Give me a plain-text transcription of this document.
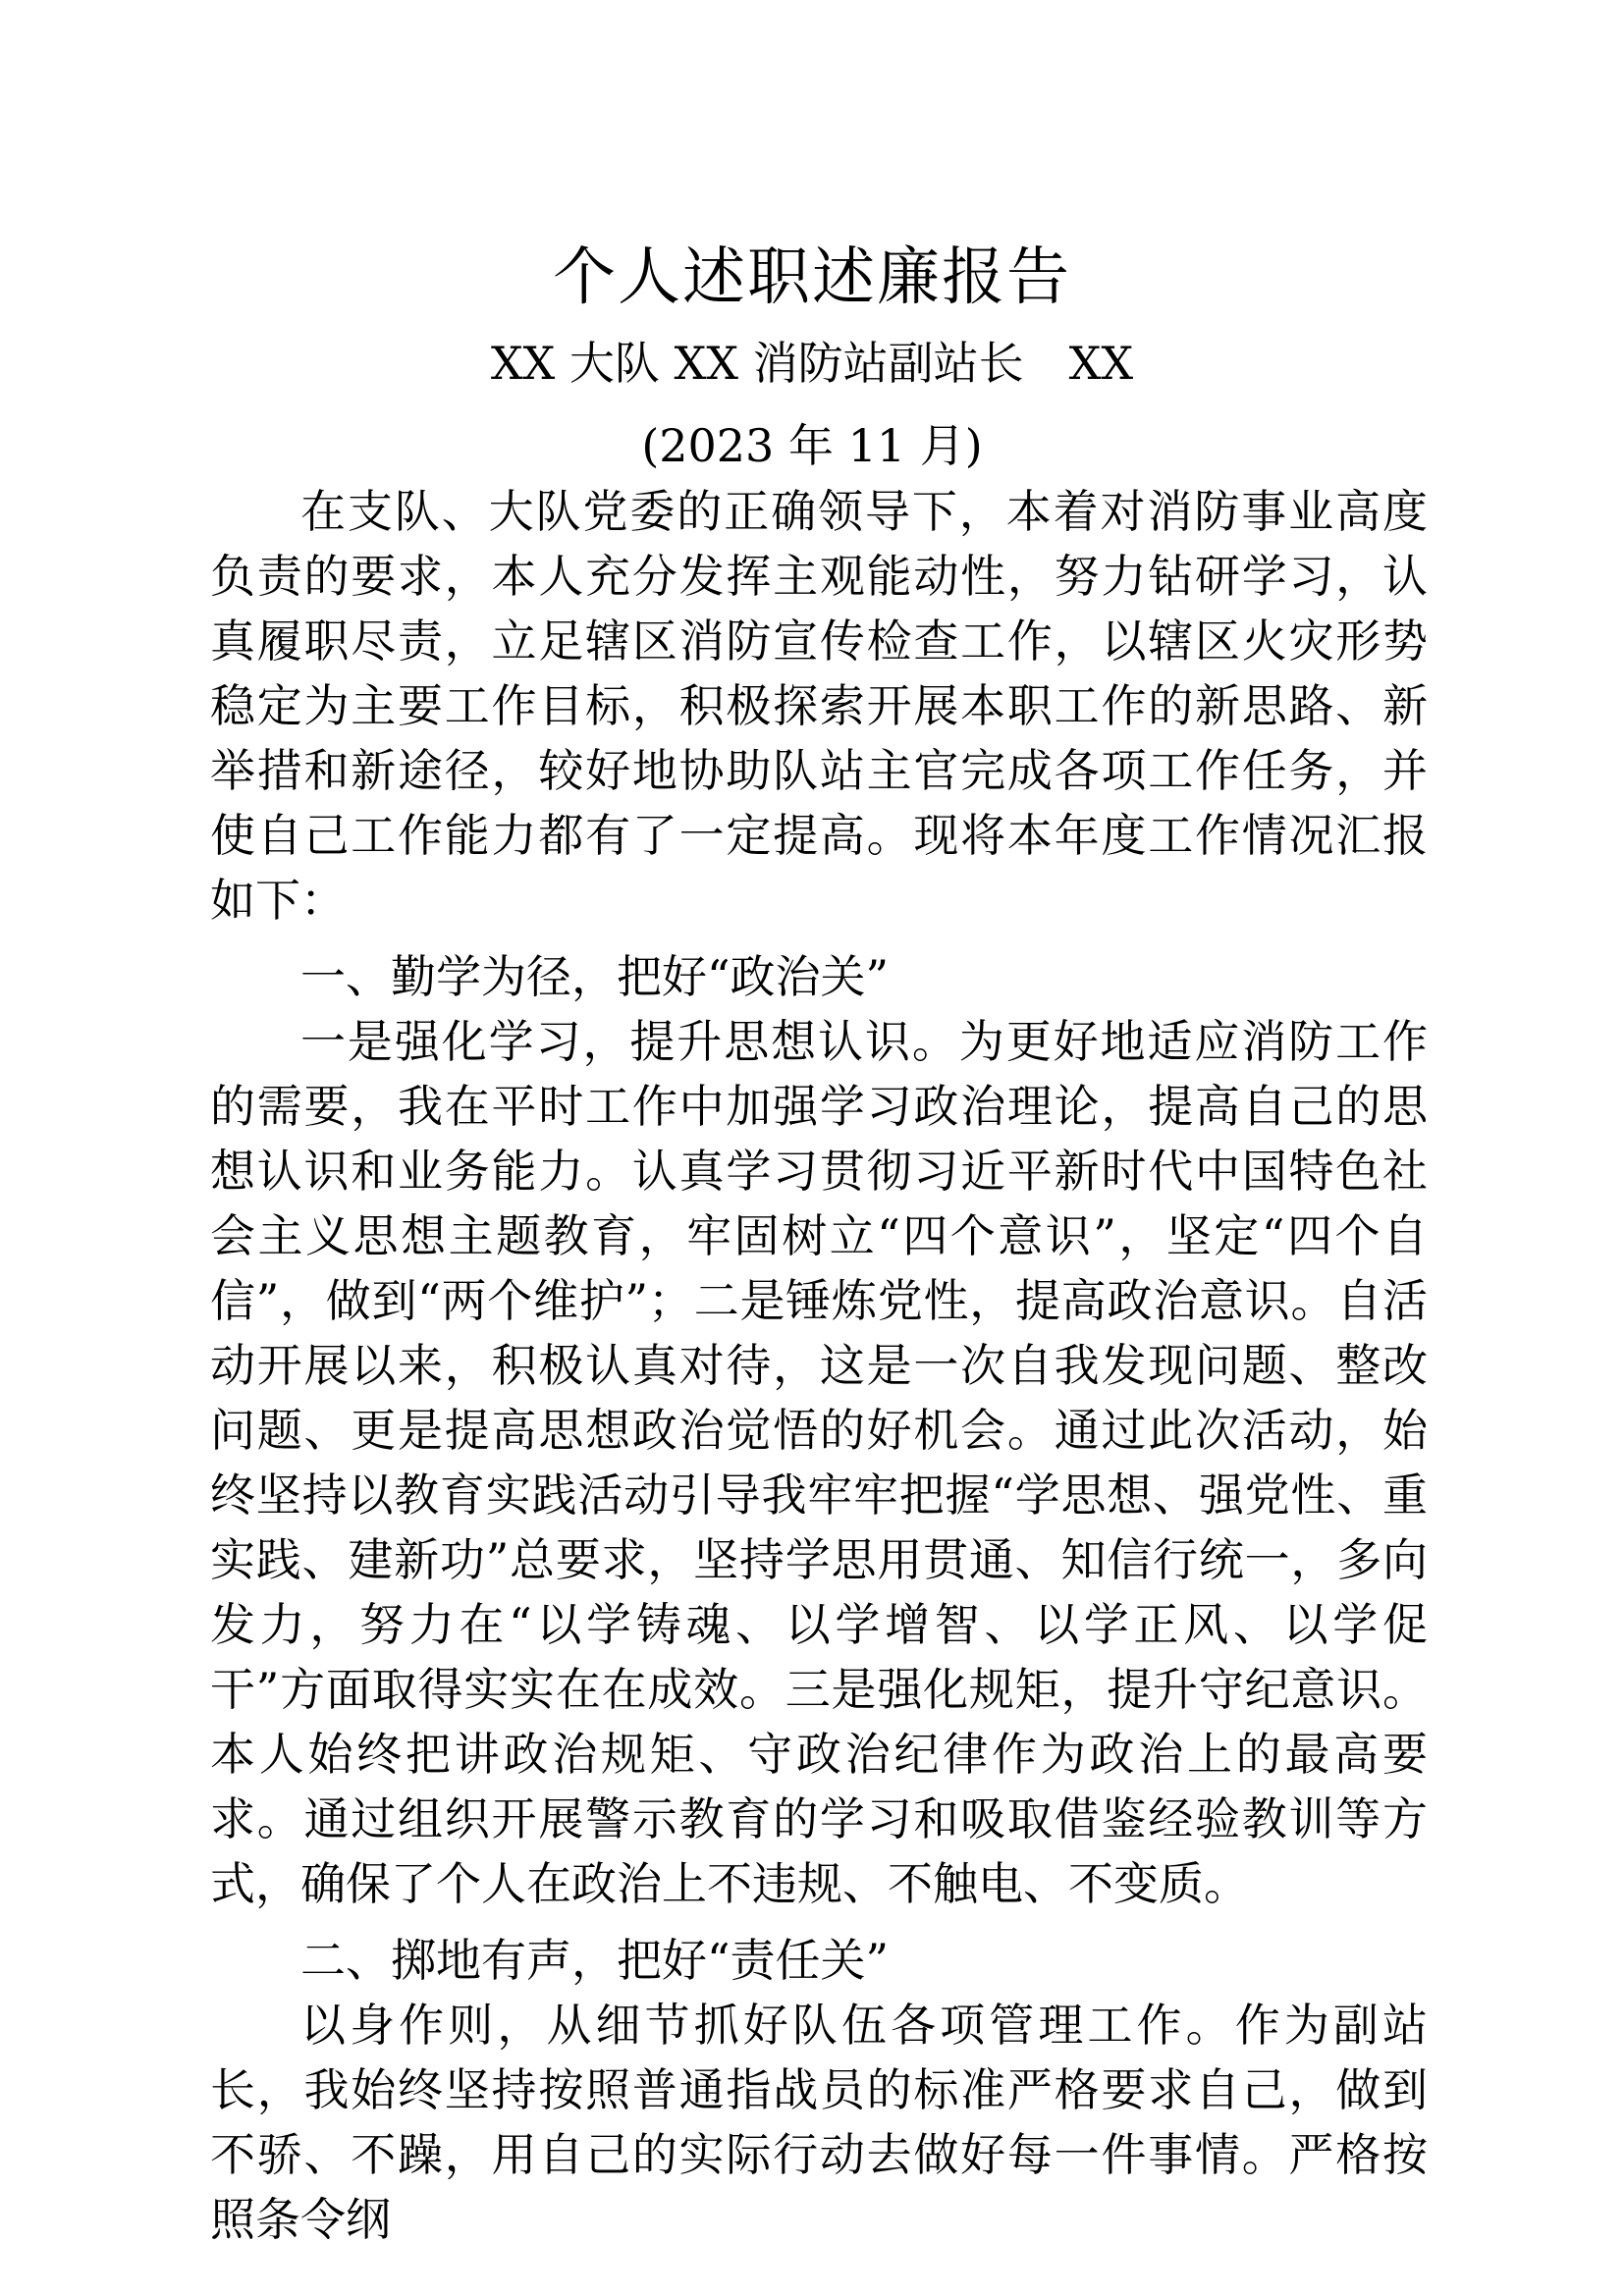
个人述职述廉报告
XX 大队 XX 消防站副站长　XX
(2023 年 11 月)

在支队、大队党委的正确领导下，本着对消防事业高度负责的要求，本人充分发挥主观能动性，努力钻研学习，认真履职尽责，立足辖区消防宣传检查工作，以辖区火灾形势稳定为主要工作目标，积极探索开展本职工作的新思路、新举措和新途径，较好地协助队站主官完成各项工作任务，并使自己工作能力都有了一定提高。现将本年度工作情况汇报如下：

一、勤学为径，把好“政治关”

一是强化学习，提升思想认识。为更好地适应消防工作的需要，我在平时工作中加强学习政治理论，提高自己的思想认识和业务能力。认真学习贯彻习近平新时代中国特色社会主义思想主题教育，牢固树立“四个意识”，坚定“四个自信”，做到“两个维护”；二是锤炼党性，提高政治意识。自活动开展以来，积极认真对待，这是一次自我发现问题、整改问题、更是提高思想政治觉悟的好机会。通过此次活动，始终坚持以教育实践活动引导我牢牢把握“学思想、强党性、重实践、建新功”总要求，坚持学思用贯通、知信行统一，多向发力，努力在“以学铸魂、以学增智、以学正风、以学促干”方面取得实实在在成效。三是强化规矩，提升守纪意识。本人始终把讲政治规矩、守政治纪律作为政治上的最高要求。通过组织开展警示教育的学习和吸取借鉴经验教训等方式，确保了个人在政治上不违规、不触电、不变质。

二、掷地有声，把好“责任关”

以身作则，从细节抓好队伍各项管理工作。作为副站长，我始终坚持按照普通指战员的标准严格要求自己，做到不骄、不躁，用自己的实际行动去做好每一件事情。严格按照条令纲
